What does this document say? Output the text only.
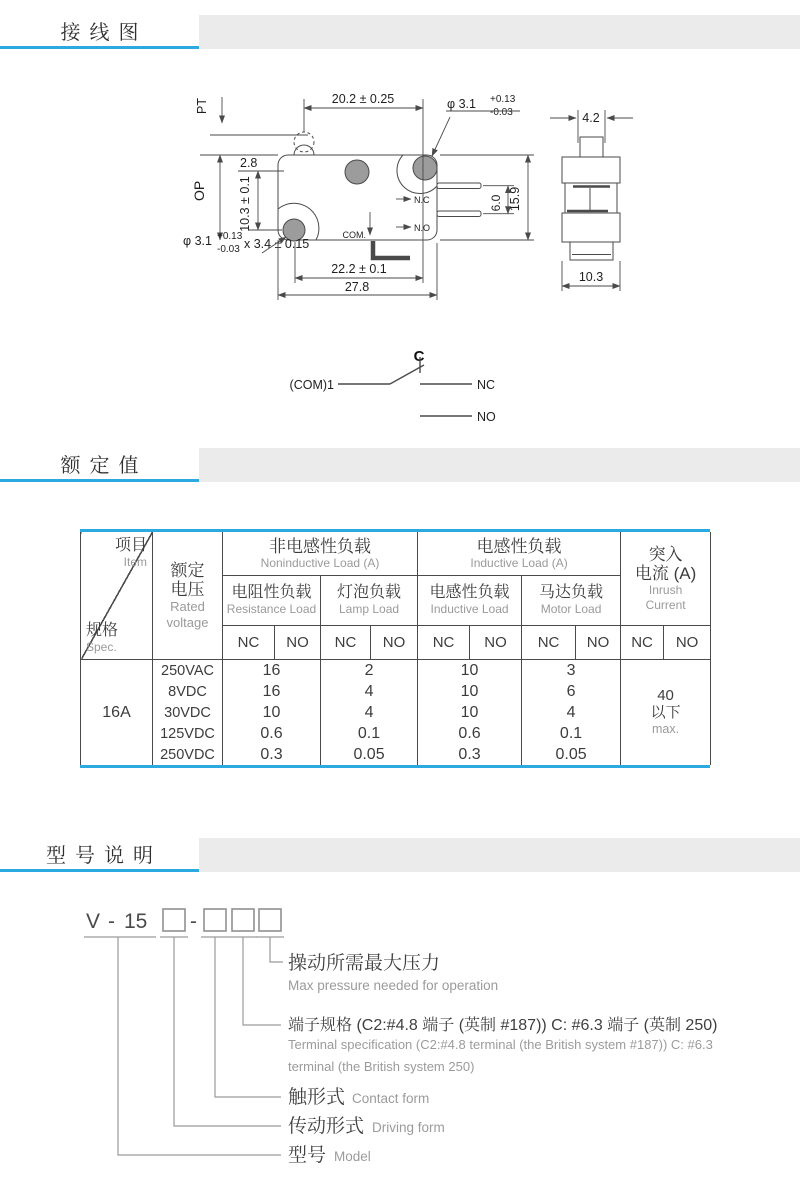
接线图
COM.
N.C
N.O
20.2 ± 0.25	φ 3.1 +0.13
-0.03
PT
2.8
OP 10.3 ± 0.1
φ 3.1 +0.13
-0.03 x 3.4 ± 0.15
22.2 ± 0.1
27.8
6.0 15.9
4.2
10.3
C
(COM)1	NC
NO
额定值
项目
Item
规格
Spec.

额定
电压
Rated
voltage

非电感性负载
Noninductive Load (A)

电感性负载
Inductive Load (A)	突入
电流 (A)
Inrush
Current

		电阻性负载
Resistance Load		灯泡负载
Lamp Load		电感性负载
Inductive Load		马达负载
Motor Load			

		NC	NO	NC	NO	NC	NO	NC	NO	NC	NO
16A	250VAC	16		2		10		3		40
以下
max.	

	8VDC	16		4		10		6			
	30VDC	10		4		10		4			
	125VDC	0.6		0.1		0.6		0.1			
	250VDC	0.3		0.05		0.3		0.05			
型号说明
V - 15 -
操动所需最大压力
Max pressure needed for operation
端子规格 (C2:#4.8 端子 (英制 #187)) C: #6.3 端子 (英制 250)
Terminal specification (C2:#4.8 terminal (the British system #187)) C: #6.3
terminal (the British system 250)
触形式 Contact form
传动形式 Driving form
型号 Model
